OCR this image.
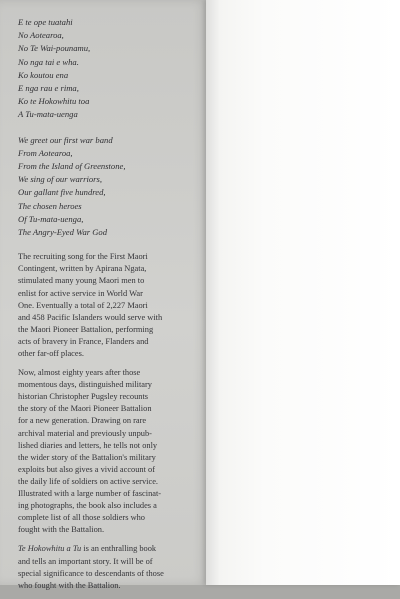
E te ope tuatahi
No Aotearoa,
No Te Wai-pounamu,
No nga tai e wha.
Ko koutou ena
E nga rau e rima,
Ko te Hokowhitu toa
A Tu-mata-uenga
We greet our first war band
From Aotearoa,
From the Island of Greenstone,
We sing of our warriors,
Our gallant five hundred,
The chosen heroes
Of Tu-mata-uenga,
The Angry-Eyed War God
The recruiting song for the First Maori
Contingent, written by Apirana Ngata,
stimulated many young Maori men to
enlist for active service in World War
One. Eventually a total of 2,227 Maori
and 458 Pacific Islanders would serve with
the Maori Pioneer Battalion, performing
acts of bravery in France, Flanders and
other far-off places.
Now, almost eighty years after those
momentous days, distinguished military
historian Christopher Pugsley recounts
the story of the Maori Pioneer Battalion
for a new generation. Drawing on rare
archival material and previously unpub-
lished diaries and letters, he tells not only
the wider story of the Battalion's military
exploits but also gives a vivid account of
the daily life of soldiers on active service.
Illustrated with a large number of fascinat-
ing photographs, the book also includes a
complete list of all those soldiers who
fought with the Battalion.
Te Hokowhitu a Tu is an enthralling book
and tells an important story. It will be of
special significance to descendants of those
who fought with the Battalion.
